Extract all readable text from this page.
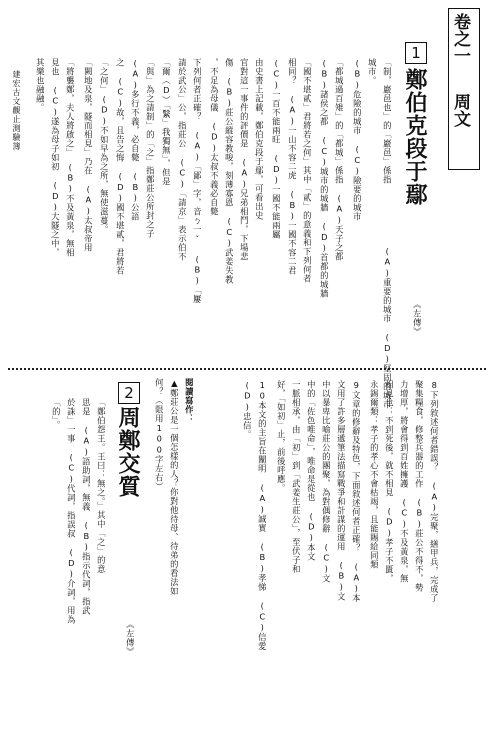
卷之一
周文
1
鄭伯克段于鄢
《左傳》
「制，巖邑也」的「巖邑」係指
(A)重要的城市　(D)堅固的城市
城市。
(B)危險的城市　(C)險要的城市
「都城過百雉」的「都城」係指　(A)天子之都
(B)諸侯之都　(C)城市的城牆　(D)首都的城牆
「國不堪貳」君將若之何」其中「貳」的意義和下列何者
相同？　(A)一山不容二虎　(B)一國不容二君
(C)一百不能兩旺　(D)一國不能兩屬
由史書上記載，鄭伯克段于鄢，可看出史
官對這一事件的評價是　(A)兄弟相鬥，下場悲
傷　(B)莊公縱容教唆，刻薄寡恩　(C)武姜失教
，不足為母儀　(D)太叔不義必自斃
下列何者正確？　(A)「鄙」字，音ㄅ一ˇ　(B)「屢
請於武公」公，指莊公　(C)「請京」表示伯不
「爾（D）「繄」我獨無」，但是
「與」為之請制」的「之」指鄭莊公所封之子
(A)多行不義，必自斃　(B)公語
之　(C)故，且告之悔　(D)國不堪貳，君將若
「之何」(D)不如早為之所，無使滋蔓。
「闕地及泉，隧而相見」乃在　(A)太叔帝用
「將襲鄭，夫人將啟之」　(B)不及黃泉，無相
見也　(C)遂為母子如初　(D)大隧之中，
其樂也融融。
建宏古文觀止測驗簿
2
周鄭交質
《左傳》
「鄭伯怨王。王曰：無之。」其中「之」的意
思是　(A)語助詞，無義　(B)指示代詞，指武
於誅」一事　(C)代詞，指誤叔　(D)介詞，用為
「的」。	閱讀寫作：
▲鄭莊公是一個怎樣的人？你對他待母、待弟的看法如
何？（限用100字左右）	8下列敘述何者錯誤？　(A)完聚，繕甲兵，完成了
聚集糧食，修整兵器的工作　(B)莊公不得不，勢
力增厚，將會得到百姓擁護　(C)不及黃泉，無
相見也：不到死後，就不相見　(D)孝子不匱，
永錫爾類：孝子的孝心不會枯竭，且能賜給同類
9文章的修辭及特色，下面敘述何者正確？　(A)本
文用了許多層遞筆法描寫戰爭和計謀的運用　(B)文
中以暴卑比喻莊公的團聚，為對偶修辭　(C)文
中的「佐色唯命」，唯命是從也　(D)本文
一脈相承，由「初」到「武姜生莊公」，至伏子和
好，「如初」止，前後呼應。
10本文的主旨在闡明　(A)誠實　(B)孝悌　(C)信愛
(D)忠信。
